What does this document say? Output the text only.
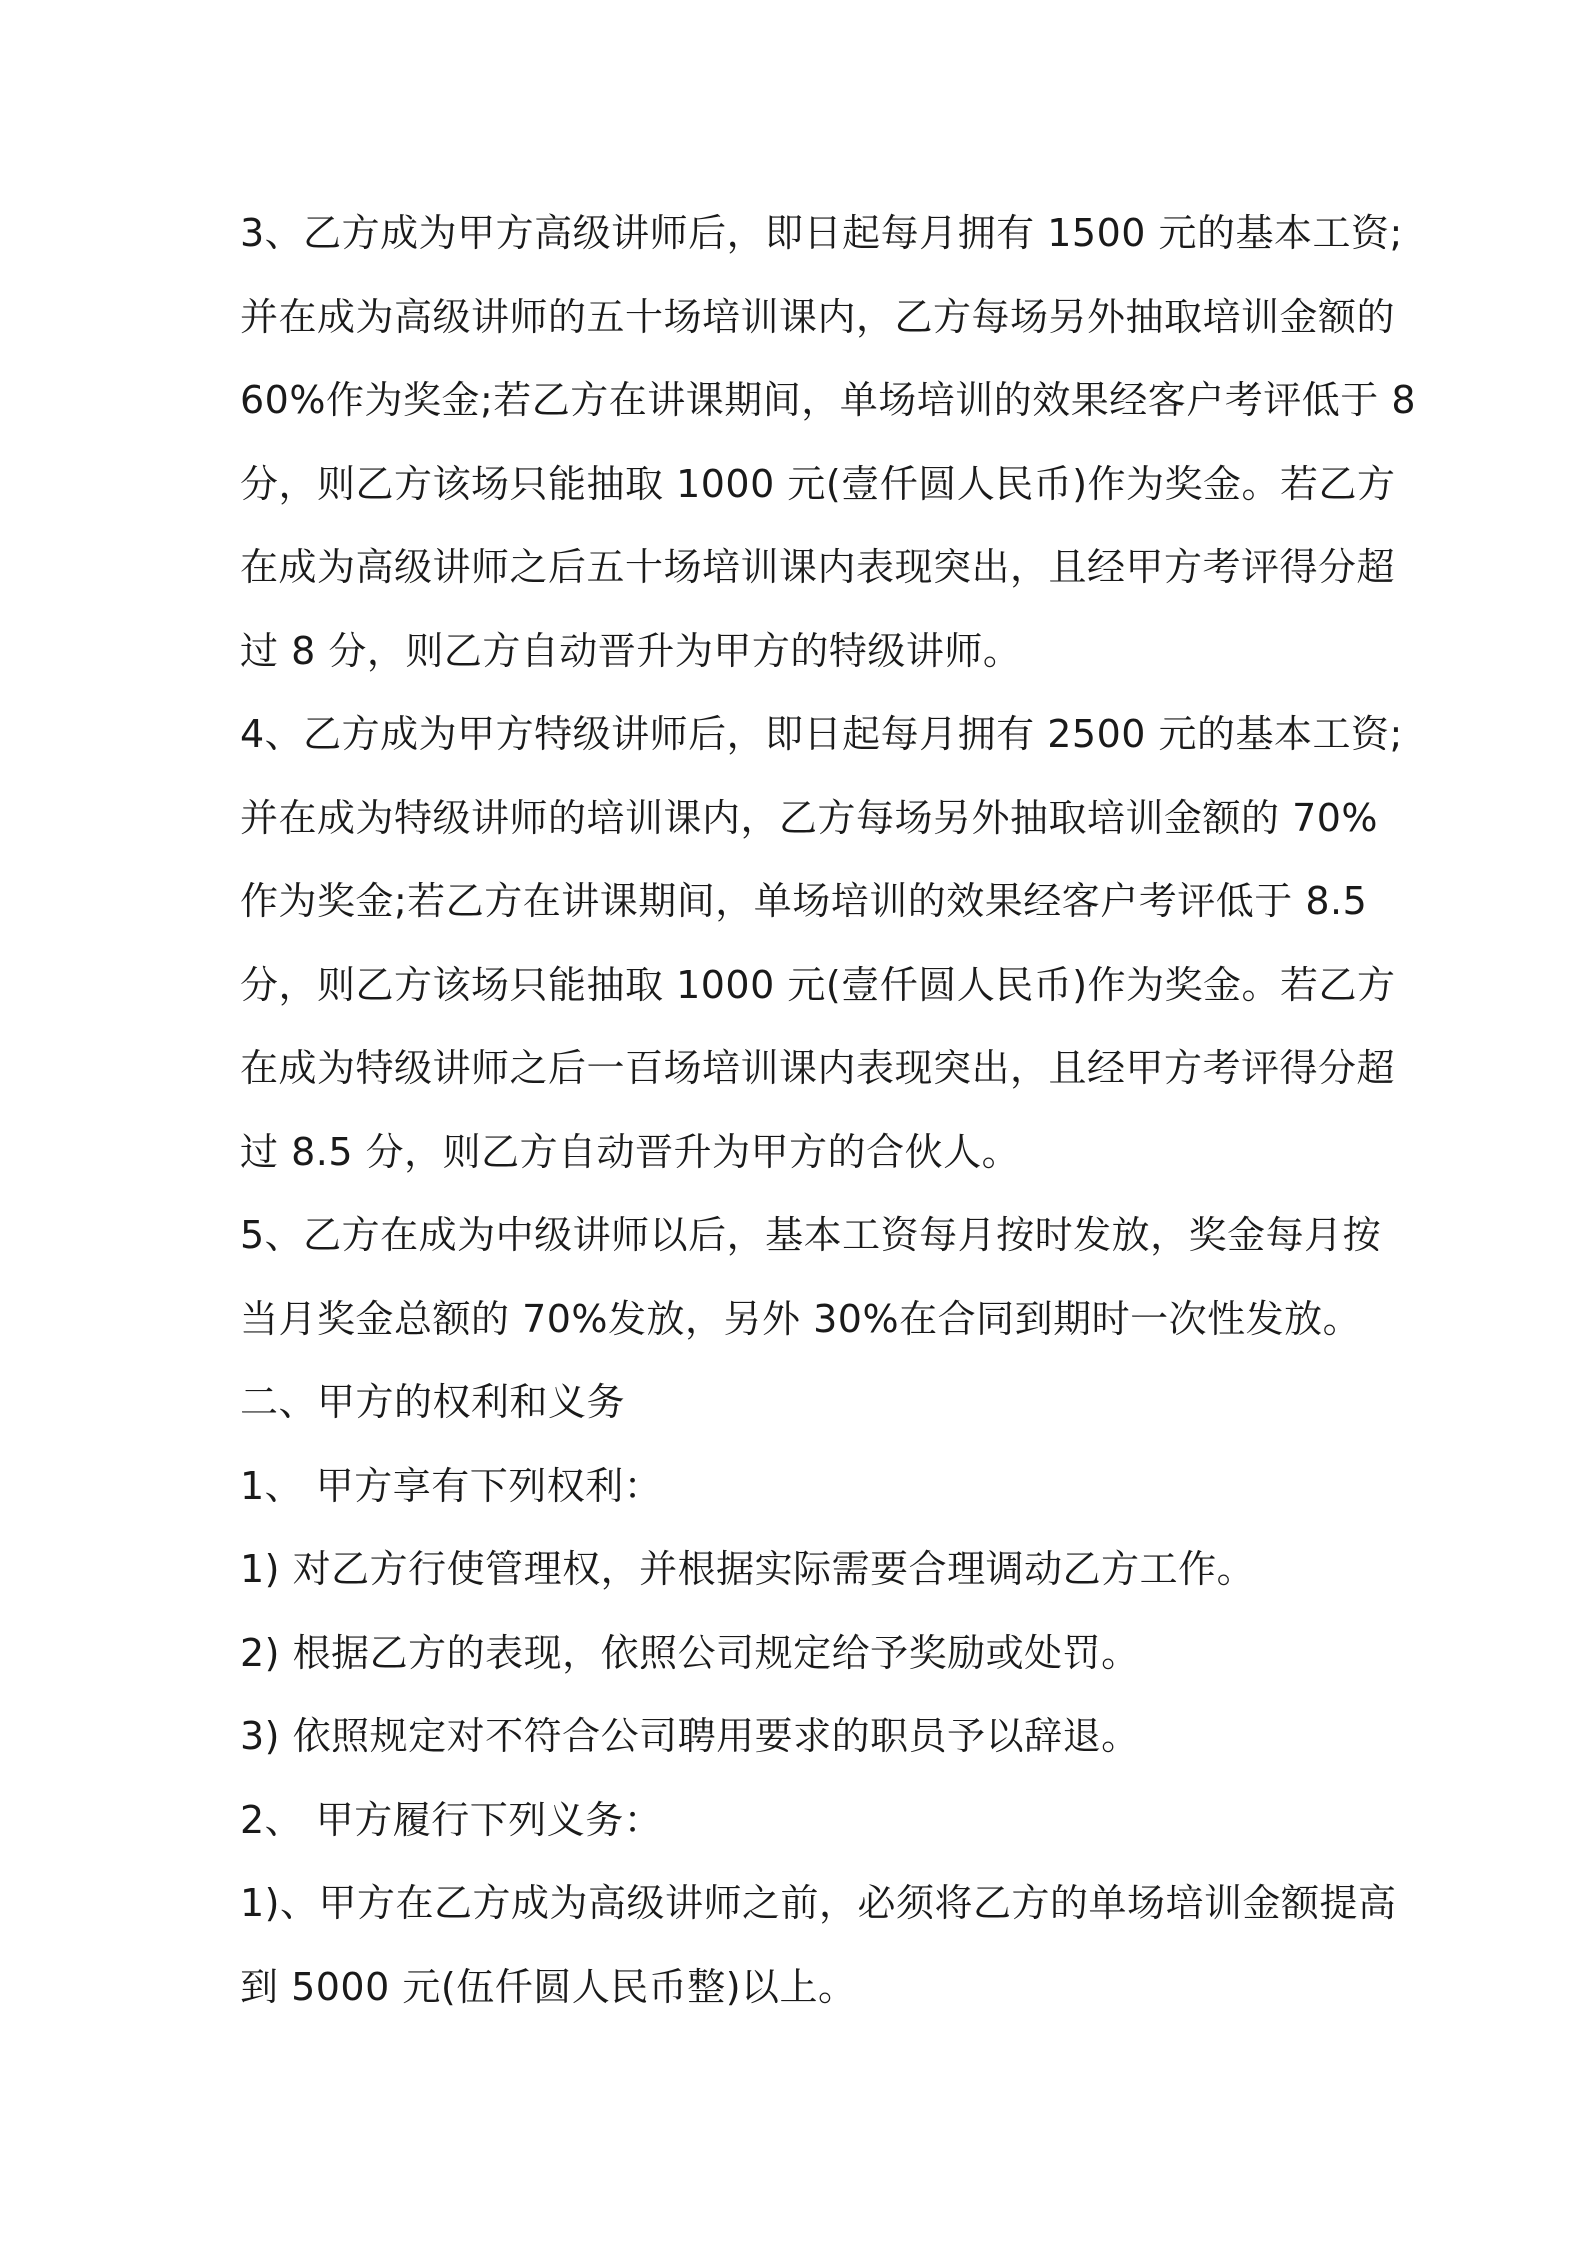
3、乙方成为甲方高级讲师后，即日起每月拥有 1500 元的基本工资;
并在成为高级讲师的五十场培训课内，乙方每场另外抽取培训金额的
60%作为奖金;若乙方在讲课期间，单场培训的效果经客户考评低于 8
分，则乙方该场只能抽取 1000 元(壹仟圆人民币)作为奖金。若乙方
在成为高级讲师之后五十场培训课内表现突出，且经甲方考评得分超
过 8 分，则乙方自动晋升为甲方的特级讲师。
4、乙方成为甲方特级讲师后，即日起每月拥有 2500 元的基本工资;
并在成为特级讲师的培训课内，乙方每场另外抽取培训金额的 70%
作为奖金;若乙方在讲课期间，单场培训的效果经客户考评低于 8.5
分，则乙方该场只能抽取 1000 元(壹仟圆人民币)作为奖金。若乙方
在成为特级讲师之后一百场培训课内表现突出，且经甲方考评得分超
过 8.5 分，则乙方自动晋升为甲方的合伙人。
5、乙方在成为中级讲师以后，基本工资每月按时发放，奖金每月按
当月奖金总额的 70%发放，另外 30%在合同到期时一次性发放。
二、甲方的权利和义务
1、 甲方享有下列权利：
1) 对乙方行使管理权，并根据实际需要合理调动乙方工作。
2) 根据乙方的表现，依照公司规定给予奖励或处罚。
3) 依照规定对不符合公司聘用要求的职员予以辞退。
2、 甲方履行下列义务：
1)、甲方在乙方成为高级讲师之前，必须将乙方的单场培训金额提高
到 5000 元(伍仟圆人民币整)以上。
